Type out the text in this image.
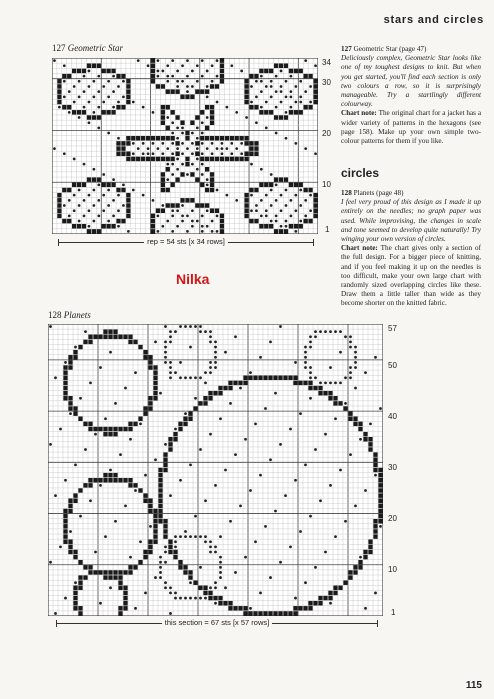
stars and circles
127 Geometric Star
34
30
20
10
1
rep = 54 sts [x 34 rows]

127 Geometric Star (page 47)

Deliciously complex, Geometric Star looks like one of my toughest designs to knit. But when you get started, you'll find each section is only two colours a row, so it is surprisingly manageable. Try a startlingly different colourway.

Chart note: The original chart for a jacket has a wider variety of patterns in the hexagons (see page 158). Make up your own simple two-colour patterns for them if you like.

circles

128 Planets (page 48)

I feel very proud of this design as I made it up entirely on the needles; no graph paper was used. While improvising, the changes in scale and tone seemed to develop quite naturally! Try winging your own version of circles.

Chart note: The chart gives only a section of the full design. For a bigger piece of knitting, and if you feel making it up on the needles is too difficult, make your own large chart with randomly sized overlapping circles like these. Draw them a little taller than wide as they become shorter on the knitted fabric.

Nilka
128 Planets
57
50
40
30
20
10
1
this section = 67 sts [x 57 rows]
115
